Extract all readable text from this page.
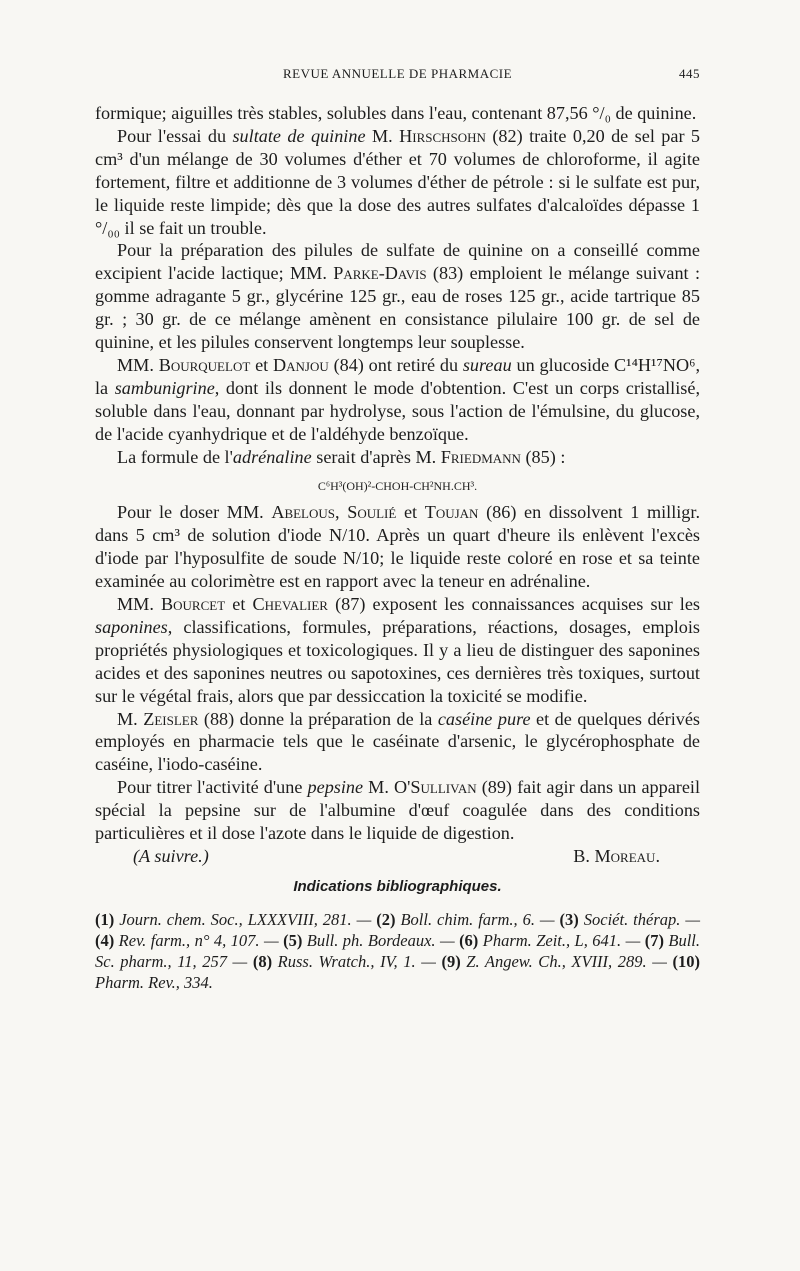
REVUE ANNUELLE DE PHARMACIE	445

formique; aiguilles très stables, solubles dans l'eau, contenant 87,56 °/₀ de quinine.

Pour l'essai du sultate de quinine M. Hirschsohn (82) traite 0,20 de sel par 5 cm³ d'un mélange de 30 volumes d'éther et 70 volumes de chloroforme, il agite fortement, filtre et additionne de 3 volumes d'éther de pétrole : si le sulfate est pur, le liquide reste limpide; dès que la dose des autres sulfates d'alcaloïdes dépasse 1 °/₀₀ il se fait un trouble.

Pour la préparation des pilules de sulfate de quinine on a conseillé comme excipient l'acide lactique; MM. Parke-Davis (83) emploient le mélange suivant : gomme adragante 5 gr., glycérine 125 gr., eau de roses 125 gr., acide tartrique 85 gr. ; 30 gr. de ce mélange amènent en consistance pilulaire 100 gr. de sel de quinine, et les pilules conservent longtemps leur souplesse.

MM. Bourquelot et Danjou (84) ont retiré du sureau un glucoside C¹⁴H¹⁷NO⁶, la sambunigrine, dont ils donnent le mode d'obtention. C'est un corps cristallisé, soluble dans l'eau, donnant par hydrolyse, sous l'action de l'émulsine, du glucose, de l'acide cyanhydrique et de l'aldéhyde benzoïque.

La formule de l'adrénaline serait d'après M. Friedmann (85) :

C⁶H³(OH)²-CHOH-CH²NH.CH³.

Pour le doser MM. Abelous, Soulié et Toujan (86) en dissolvent 1 milligr. dans 5 cm³ de solution d'iode N/10. Après un quart d'heure ils enlèvent l'excès d'iode par l'hyposulfite de soude N/10; le liquide reste coloré en rose et sa teinte examinée au colorimètre est en rapport avec la teneur en adrénaline.

MM. Bourcet et Chevalier (87) exposent les connaissances acquises sur les saponines, classifications, formules, préparations, réactions, dosages, emplois propriétés physiologiques et toxicologiques. Il y a lieu de distinguer des saponines acides et des saponines neutres ou sapotoxines, ces dernières très toxiques, surtout sur le végétal frais, alors que par dessiccation la toxicité se modifie.

M. Zeisler (88) donne la préparation de la caséine pure et de quelques dérivés employés en pharmacie tels que le caséinate d'arsenic, le glycérophosphate de caséine, l'iodo-caséine.

Pour titrer l'activité d'une pepsine M. O'Sullivan (89) fait agir dans un appareil spécial la pepsine sur de l'albumine d'œuf coagulée dans des conditions particulières et il dose l'azote dans le liquide de digestion.

(A suivre.)	B. Moreau.
Indications bibliographiques.
(1) Journ. chem. Soc., LXXXVIII, 281. — (2) Boll. chim. farm., 6. — (3) Sociét. thérap. — (4) Rev. farm., n° 4, 107. — (5) Bull. ph. Bordeaux. — (6) Pharm. Zeit., L, 641. — (7) Bull. Sc. pharm., 11, 257 — (8) Russ. Wratch., IV, 1. — (9) Z. Angew. Ch., XVIII, 289. — (10) Pharm. Rev., 334.
